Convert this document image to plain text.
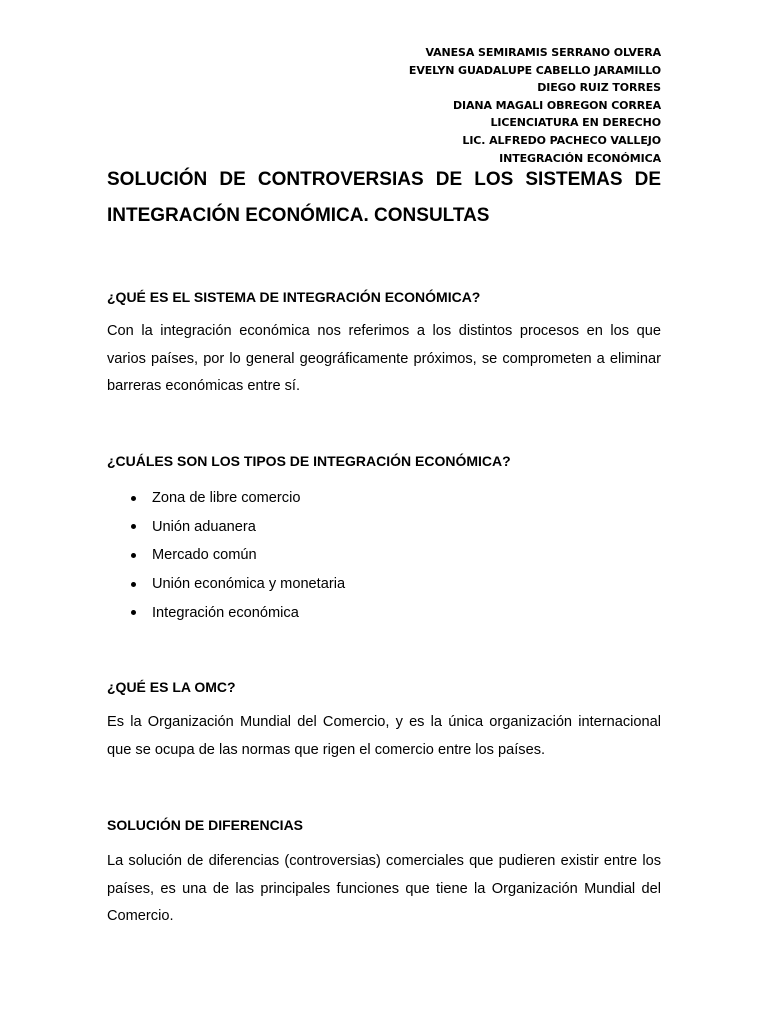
VANESA SEMIRAMIS SERRANO OLVERA
EVELYN GUADALUPE CABELLO JARAMILLO
DIEGO RUIZ TORRES
DIANA MAGALI OBREGON CORREA
LICENCIATURA EN DERECHO
LIC. ALFREDO PACHECO VALLEJO
INTEGRACIÓN ECONÓMICA
SOLUCIÓN DE CONTROVERSIAS DE LOS SISTEMAS DE INTEGRACIÓN ECONÓMICA. CONSULTAS
¿QUÉ ES EL SISTEMA DE INTEGRACIÓN ECONÓMICA?

Con la integración económica nos referimos a los distintos procesos en los que varios países, por lo general geográficamente próximos, se comprometen a eliminar barreras económicas entre sí.

¿CUÁLES SON LOS TIPOS DE INTEGRACIÓN ECONÓMICA?
Zona de libre comercio
Unión aduanera
Mercado común
Unión económica y monetaria
Integración económica
¿QUÉ ES LA OMC?

Es la Organización Mundial del Comercio, y es la única organización internacional que se ocupa de las normas que rigen el comercio entre los países.

SOLUCIÓN DE DIFERENCIAS

La solución de diferencias (controversias) comerciales que pudieren existir entre los países, es una de las principales funciones que tiene la Organización Mundial del Comercio.
